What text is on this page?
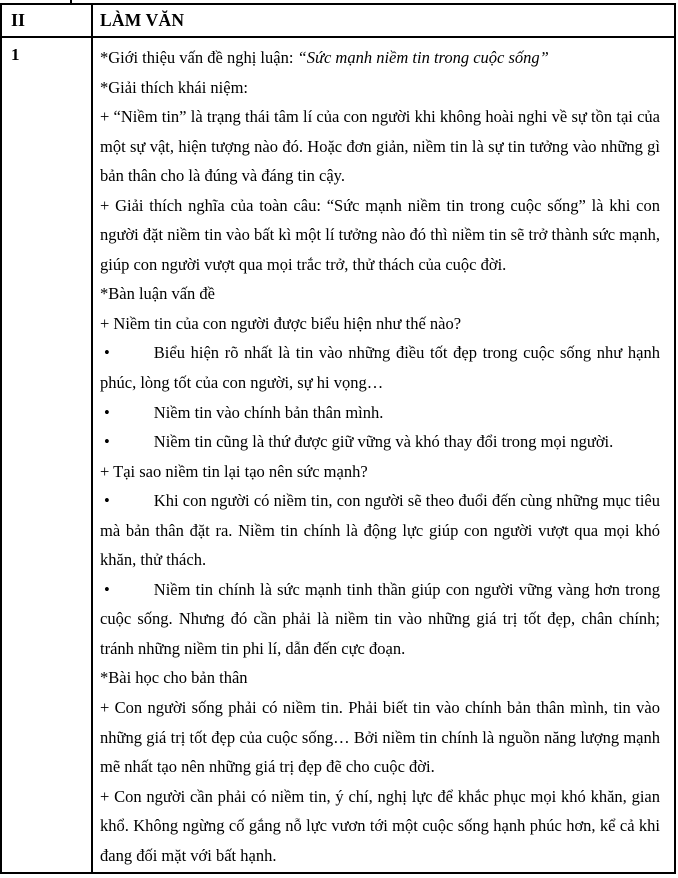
II	LÀM VĂN
1	*Giới thiệu vấn đề nghị luận: “Sức mạnh niềm tin trong cuộc sống”

*Giải thích khái niệm:

+ “Niềm tin” là trạng thái tâm lí của con người khi không hoài nghi về sự tồn tại của một sự vật, hiện tượng nào đó. Hoặc đơn giản, niềm tin là sự tin tưởng vào những gì bản thân cho là đúng và đáng tin cậy.

+ Giải thích nghĩa của toàn câu: “Sức mạnh niềm tin trong cuộc sống” là khi con người đặt niềm tin vào bất kì một lí tưởng nào đó thì niềm tin sẽ trở thành sức mạnh, giúp con người vượt qua mọi trắc trở, thử thách của cuộc đời.

*Bàn luận vấn đề

+ Niềm tin của con người được biểu hiện như thế nào?

•	Biểu hiện rõ nhất là tin vào những điều tốt đẹp trong cuộc sống như hạnh phúc, lòng tốt của con người, sự hi vọng…

•	Niềm tin vào chính bản thân mình.

•	Niềm tin cũng là thứ được giữ vững và khó thay đổi trong mọi người.

+ Tại sao niềm tin lại tạo nên sức mạnh?

•	Khi con người có niềm tin, con người sẽ theo đuổi đến cùng những mục tiêu mà bản thân đặt ra. Niềm tin chính là động lực giúp con người vượt qua mọi khó khăn, thử thách.

•	Niềm tin chính là sức mạnh tinh thần giúp con người vững vàng hơn trong cuộc sống. Nhưng đó cần phải là niềm tin vào những giá trị tốt đẹp, chân chính; tránh những niềm tin phi lí, dẫn đến cực đoạn.

*Bài học cho bản thân

+ Con người sống phải có niềm tin. Phải biết tin vào chính bản thân mình, tin vào những giá trị tốt đẹp của cuộc sống… Bởi niềm tin chính là nguồn năng lượng mạnh mẽ nhất tạo nên những giá trị đẹp đẽ cho cuộc đời.

+ Con người cần phải có niềm tin, ý chí, nghị lực để khắc phục mọi khó khăn, gian khổ. Không ngừng cố gắng nỗ lực vươn tới một cuộc sống hạnh phúc hơn, kể cả khi đang đối mặt với bất hạnh.
